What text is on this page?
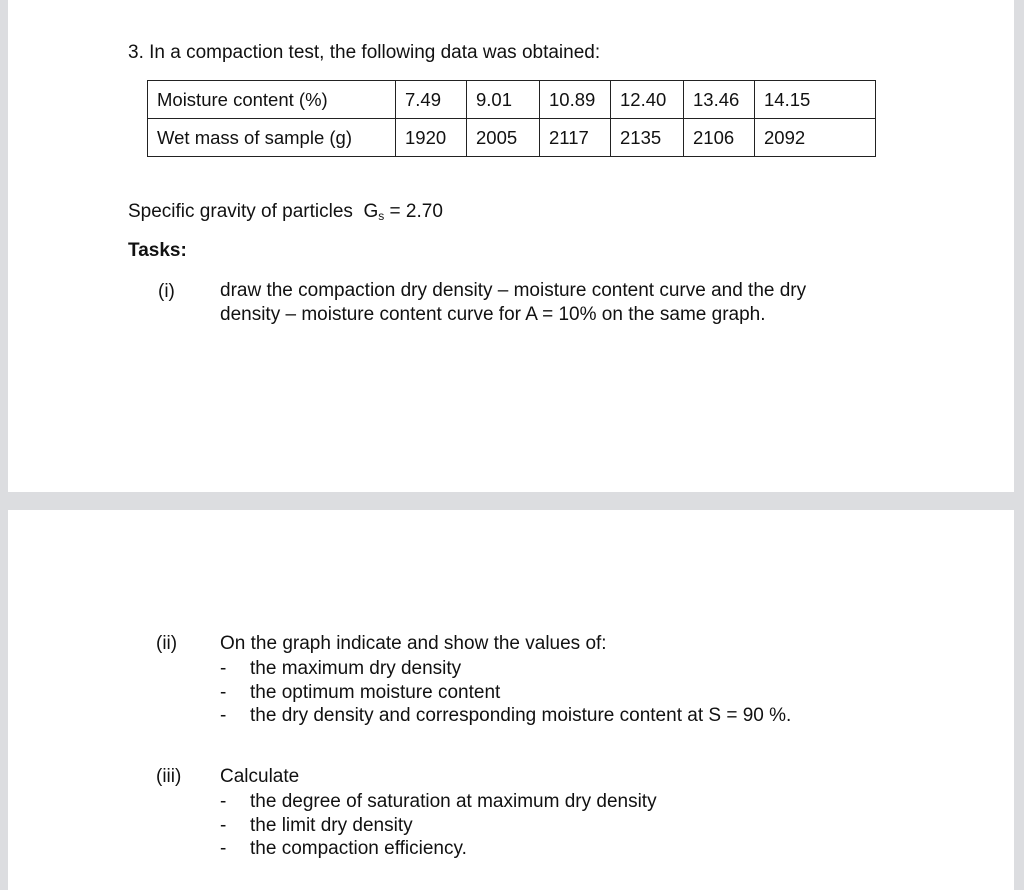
3. In a compaction test, the following data was obtained:
Moisture content (%)	7.49	9.01	10.89	12.40	13.46	14.15
Wet mass of sample (g)	1920	2005	2117	2135	2106	2092
Specific gravity of particles $G_s = 2.70$
Tasks:
(i) draw the compaction dry density – moisture content curve and the dry density – moisture content curve for A = 10% on the same graph.
(ii) On the graph indicate and show the values of:
- the maximum dry density
- the optimum moisture content
- the dry density and corresponding moisture content at S = 90 %.
(iii) Calculate
- the degree of saturation at maximum dry density
- the limit dry density
- the compaction efficiency.
